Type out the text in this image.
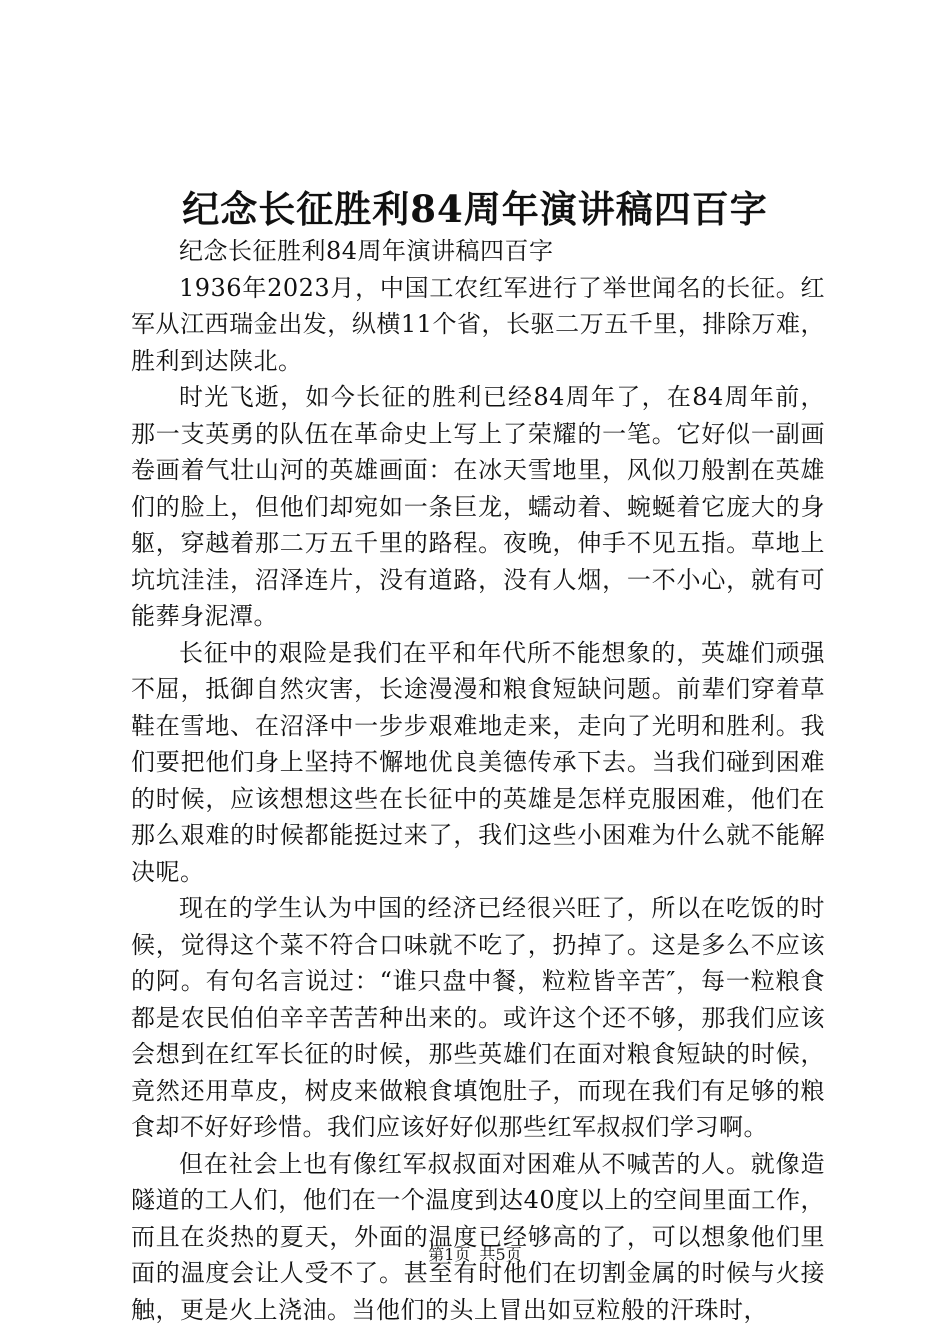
纪念长征胜利84周年演讲稿四百字

纪念长征胜利84周年演讲稿四百字

1936年2023月，中国工农红军进行了举世闻名的长征。红军从江西瑞金出发，纵横11个省，长驱二万五千里，排除万难，胜利到达陕北。

时光飞逝，如今长征的胜利已经84周年了，在84周年前，那一支英勇的队伍在革命史上写上了荣耀的一笔。它好似一副画卷画着气壮山河的英雄画面：在冰天雪地里，风似刀般割在英雄们的脸上，但他们却宛如一条巨龙，蠕动着、蜿蜒着它庞大的身躯，穿越着那二万五千里的路程。夜晚，伸手不见五指。草地上坑坑洼洼，沼泽连片，没有道路，没有人烟，一不小心，就有可能葬身泥潭。

长征中的艰险是我们在平和年代所不能想象的，英雄们顽强不屈，抵御自然灾害，长途漫漫和粮食短缺问题。前辈们穿着草鞋在雪地、在沼泽中一步步艰难地走来，走向了光明和胜利。我们要把他们身上坚持不懈地优良美德传承下去。当我们碰到困难的时候，应该想想这些在长征中的英雄是怎样克服困难，他们在那么艰难的时候都能挺过来了，我们这些小困难为什么就不能解决呢。

现在的学生认为中国的经济已经很兴旺了，所以在吃饭的时候，觉得这个菜不符合口味就不吃了，扔掉了。这是多么不应该的阿。有句名言说过：“谁只盘中餐，粒粒皆辛苦″，每一粒粮食都是农民伯伯辛辛苦苦种出来的。或许这个还不够，那我们应该会想到在红军长征的时候，那些英雄们在面对粮食短缺的时候，竟然还用草皮，树皮来做粮食填饱肚子，而现在我们有足够的粮食却不好好珍惜。我们应该好好似那些红军叔叔们学习啊。

但在社会上也有像红军叔叔面对困难从不喊苦的人。就像造隧道的工人们，他们在一个温度到达40度以上的空间里面工作，而且在炎热的夏天，外面的温度已经够高的了，可以想象他们里面的温度会让人受不了。甚至有时他们在切割金属的时候与火接触，更是火上浇油。当他们的头上冒出如豆粒般的汗珠时，

第1页 共5页
